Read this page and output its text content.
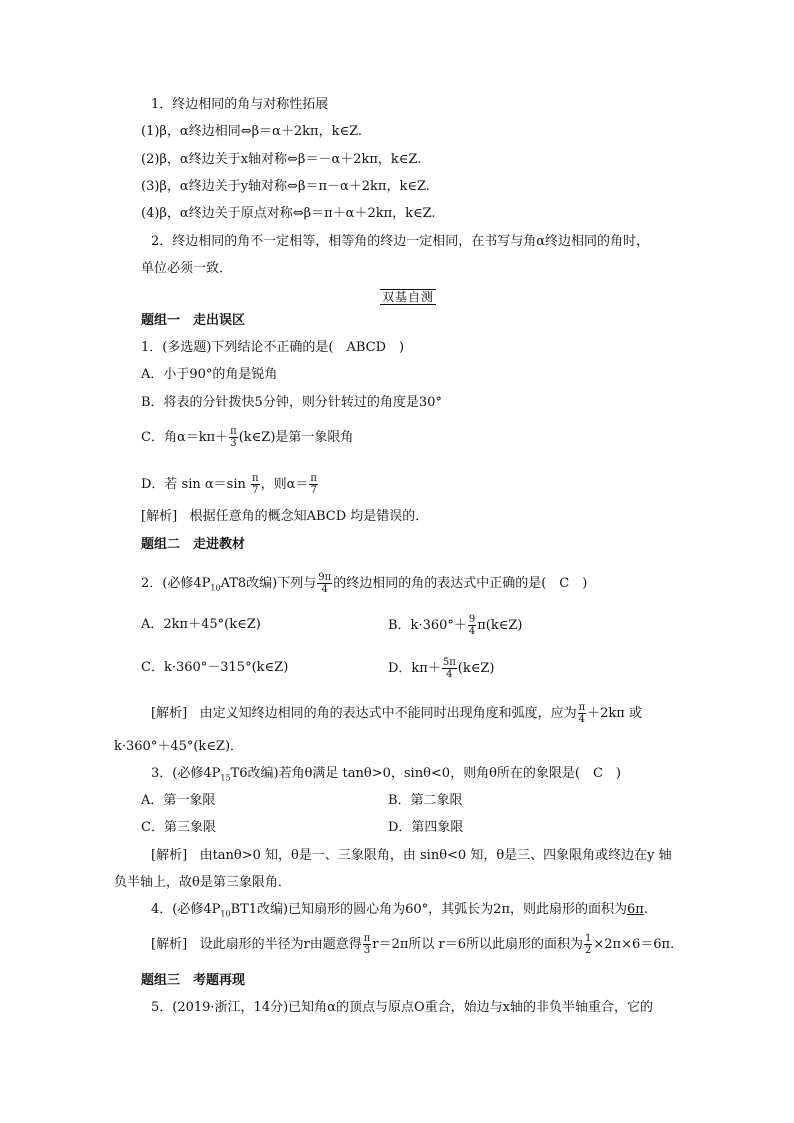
1．终边相同的角与对称性拓展
(1)β，α终边相同⇔β＝α＋2kπ，k∈Z.
(2)β，α终边关于x轴对称⇔β＝－α＋2kπ，k∈Z.
(3)β，α终边关于y轴对称⇔β＝π－α＋2kπ，k∈Z.
(4)β，α终边关于原点对称⇔β＝π＋α＋2kπ，k∈Z.
2．终边相同的角不一定相等，相等角的终边一定相同，在书写与角α终边相同的角时，
单位必须一致．
双基自测
题组一　走出误区
1．(多选题)下列结论不正确的是(　ABCD　)
A．小于90°的角是锐角
B．将表的分针拨快5分钟，则分针转过的角度是30°
C．角$\alpha=k\pi+ \frac{\pi}{3}$ (k∈Z)是第一象限角
D．若 $\sin \alpha=\sin \frac{\pi}{7}$ ，则$\alpha= \frac{\pi}{7}$
[解析] 根据任意角的概念知ABCD 均是错误的．
题组二　走进教材
2．(必修$4P_{10}AT8$改编)下列与 $\frac{9\pi}{4}$ 的终边相同的角的表达式中正确的是(　C　)
A．2kπ＋45°(k∈Z)	B．$k\cdot 360^\circ+ \frac{9}{4}$ π(k∈Z)
C．k·360°－315°(k∈Z)	D．$k\pi+ \frac{5\pi}{4}$ (k∈Z)
[解析] 由定义知终边相同的角的表达式中不能同时出现角度和弧度，应为 $\frac{\pi}{4} +2k\pi$ 或
k·360°＋45°(k∈Z)．
3．(必修$4P_{15}T6$改编)若角θ满足 tanθ>0，sinθ<0，则角θ所在的象限是(　C　)
A．第一象限	B．第二象限
C．第三象限	D．第四象限
[解析] 由tanθ>0 知，θ是一、三象限角，由 sinθ<0 知，θ是三、四象限角或终边在y 轴
负半轴上，故θ是第三象限角．
4．(必修$4P_{10}BT1$改编)已知扇形的圆心角为60°，其弧长为2π，则此扇形的面积为6π.
[解析] 设此扇形的半径为r由题意得 $\frac{\pi}{3} r=2\pi$所以 r＝6所以此扇形的面积为 $\frac{1}{2} \times 2\pi\times 6=6\pi$.
题组三　考题再现
5．(2019·浙江，14分)已知角α的顶点与原点O重合，始边与x轴的非负半轴重合，它的
